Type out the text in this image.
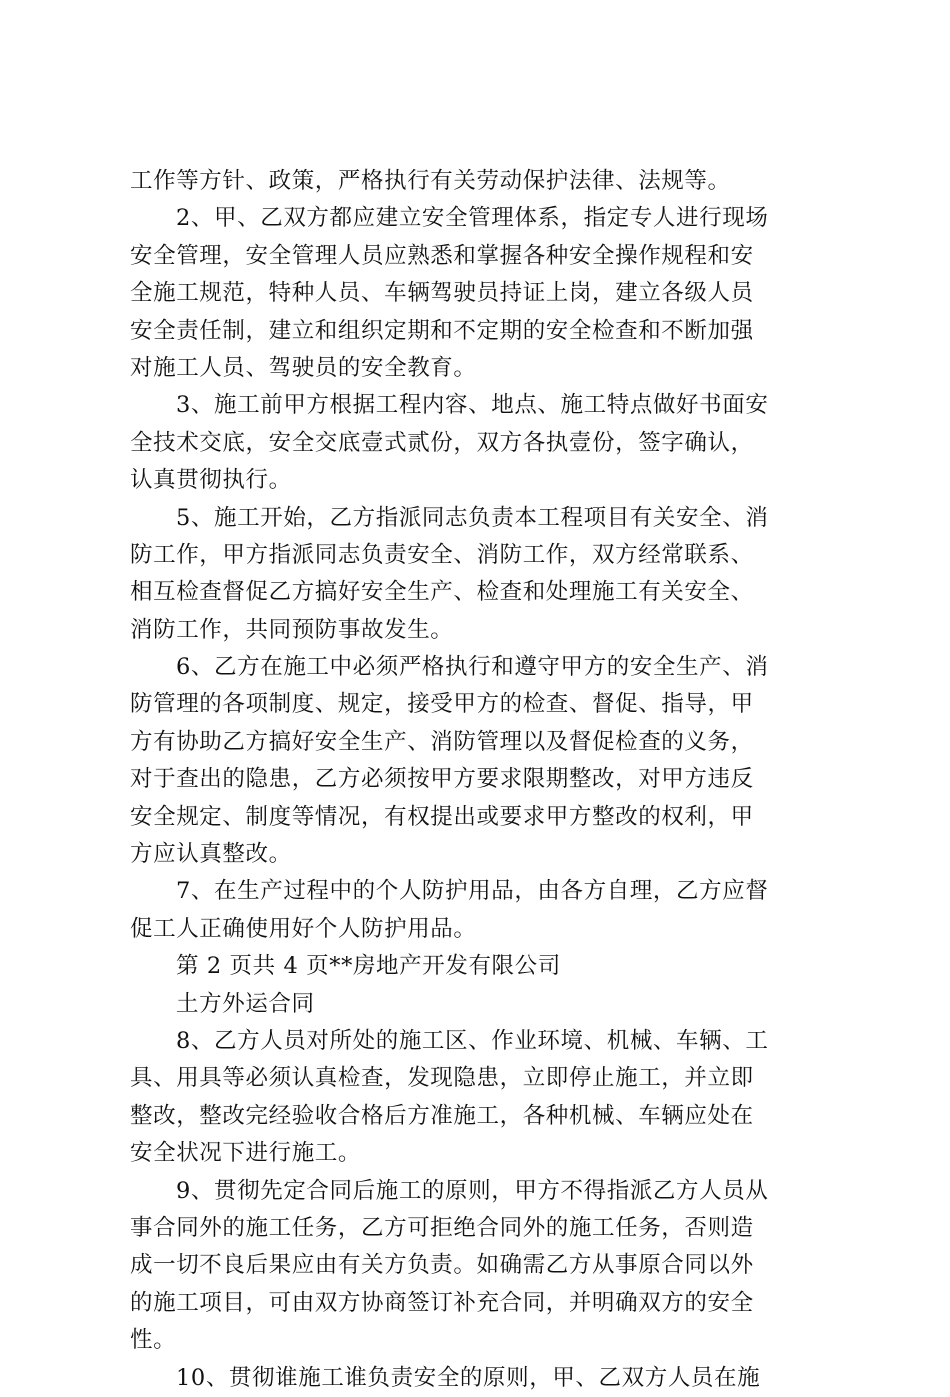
工作等方针、政策，严格执行有关劳动保护法律、法规等。
2、甲、乙双方都应建立安全管理体系，指定专人进行现场
安全管理，安全管理人员应熟悉和掌握各种安全操作规程和安
全施工规范，特种人员、车辆驾驶员持证上岗，建立各级人员
安全责任制，建立和组织定期和不定期的安全检查和不断加强
对施工人员、驾驶员的安全教育。
3、施工前甲方根据工程内容、地点、施工特点做好书面安
全技术交底，安全交底壹式贰份，双方各执壹份，签字确认，
认真贯彻执行。
5、施工开始，乙方指派同志负责本工程项目有关安全、消
防工作，甲方指派同志负责安全、消防工作，双方经常联系、
相互检查督促乙方搞好安全生产、检查和处理施工有关安全、
消防工作，共同预防事故发生。
6、乙方在施工中必须严格执行和遵守甲方的安全生产、消
防管理的各项制度、规定，接受甲方的检查、督促、指导，甲
方有协助乙方搞好安全生产、消防管理以及督促检查的义务，
对于查出的隐患，乙方必须按甲方要求限期整改，对甲方违反
安全规定、制度等情况，有权提出或要求甲方整改的权利，甲
方应认真整改。
7、在生产过程中的个人防护用品，由各方自理，乙方应督
促工人正确使用好个人防护用品。
第 2 页共 4 页**房地产开发有限公司
土方外运合同
8、乙方人员对所处的施工区、作业环境、机械、车辆、工
具、用具等必须认真检查，发现隐患，立即停止施工，并立即
整改，整改完经验收合格后方准施工，各种机械、车辆应处在
安全状况下进行施工。
9、贯彻先定合同后施工的原则，甲方不得指派乙方人员从
事合同外的施工任务，乙方可拒绝合同外的施工任务，否则造
成一切不良后果应由有关方负责。如确需乙方从事原合同以外
的施工项目，可由双方协商签订补充合同，并明确双方的安全
性。
10、贯彻谁施工谁负责安全的原则，甲、乙双方人员在施
